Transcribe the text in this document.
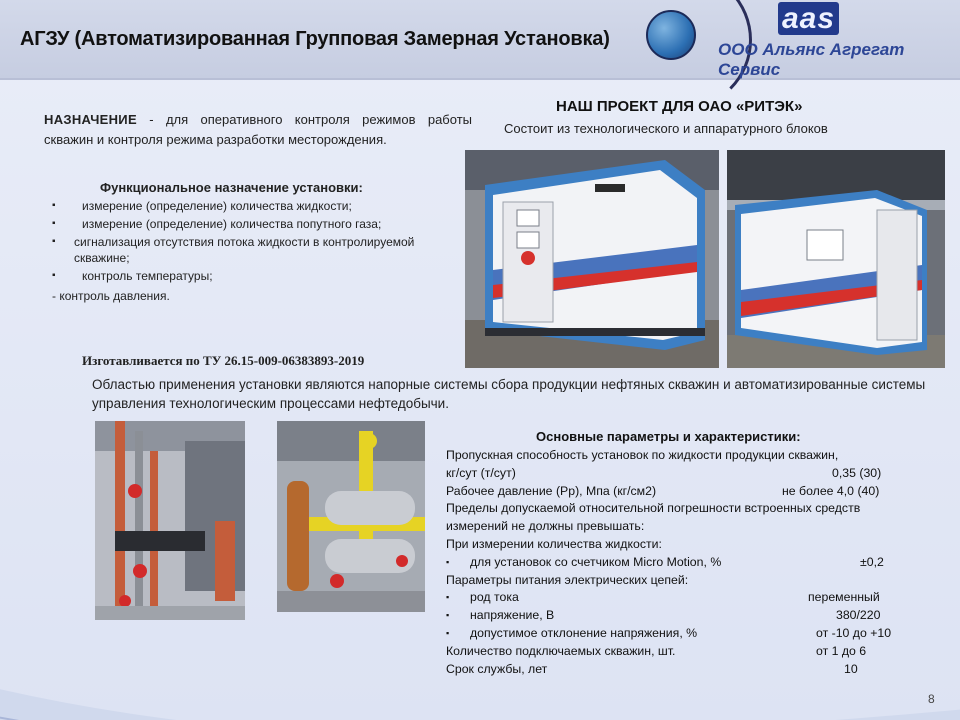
АГЗУ (Автоматизированная Групповая Замерная Установка)
aas
ООО Альянс Агрегат Сервис
НАЗНАЧЕНИЕ - для оперативного контроля режимов работы скважин и контроля режима разработки месторождения.
Функциональное назначение установки:
▪ измерение (определение) количества жидкости;
▪ измерение (определение) количества попутного газа;
▪ сигнализация отсутствия потока жидкости в контролируемой скважине;
▪ контроль температуры;
- контроль давления.
Изготавливается по ТУ 26.15-009-06383893-2019
НАШ ПРОЕКТ ДЛЯ ОАО «РИТЭК»
Состоит из технологического и аппаратурного блоков
Областью применения установки являются напорные системы сбора продукции нефтяных скважин и автоматизированные системы управления технологическим процессами нефтедобычи.
Основные параметры и характеристики:
Пропускная способность установок по жидкости продукции скважин,
кг/сут (т/сут)	0,35 (30)
Рабочее давление (Рр), Мпа (кг/см2)	не более 4,0 (40)
Пределы допускаемой относительной погрешности встроенных средств
измерений не должны превышать:
При измерении количества жидкости:
▪ для установок со счетчиком Micro Motion, %	±0,2
Параметры питания электрических цепей:
▪ род тока	переменный
▪ напряжение, В	380/220
▪ допустимое отклонение напряжения, %	от -10 до +10
Количество подключаемых скважин, шт.	от 1 до 6
Срок службы, лет	10
8
